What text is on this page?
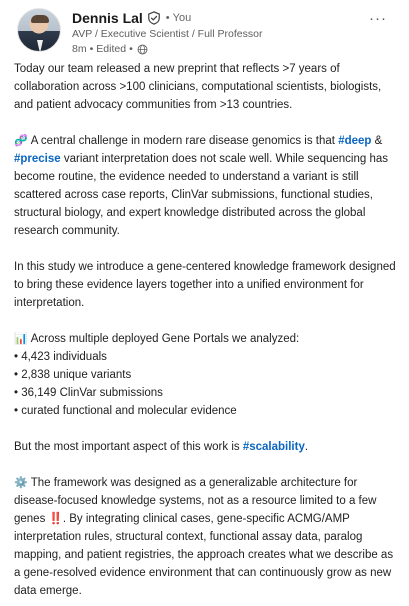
Dennis Lal • You
AVP / Executive Scientist / Full Professor
8m • Edited •
···

Today our team released a new preprint that reflects >7 years of collaboration across >100 clinicians, computational scientists, biologists, and patient advocacy communities from >13 countries.

🧬 A central challenge in modern rare disease genomics is that #deep & #precise variant interpretation does not scale well. While sequencing has become routine, the evidence needed to understand a variant is still scattered across case reports, ClinVar submissions, functional studies, structural biology, and expert knowledge distributed across the global research community.

In this study we introduce a gene-centered knowledge framework designed to bring these evidence layers together into a unified environment for interpretation.

📊 Across multiple deployed Gene Portals we analyzed:
• 4,423 individuals
• 2,838 unique variants
• 36,149 ClinVar submissions
• curated functional and molecular evidence

But the most important aspect of this work is #scalability.

⚙️ The framework was designed as a generalizable architecture for disease-focused knowledge systems, not as a resource limited to a few genes ‼️. By integrating clinical cases, gene-specific ACMG/AMP interpretation rules, structural context, functional assay data, paralog mapping, and patient registries, the approach creates what we describe as a gene-resolved evidence environment that can continuously grow as new data emerge.
